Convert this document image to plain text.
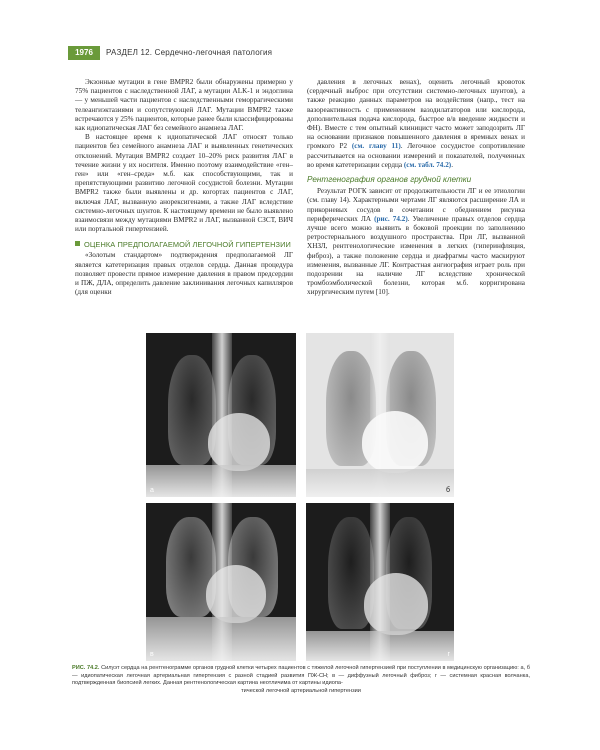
1976	РАЗДЕЛ 12. Сердечно-легочная патология

Экзонные мутации в гене BMPR2 были обнаружены примерно у 75% пациентов с наследственной ЛАГ, а мутации ALK-1 и эндоглина — у меньшей части пациентов с наследственными геморрагическими телеангиэктазиями и сопутствующей ЛАГ. Мутации BMPR2 также встречаются у 25% пациентов, которые ранее были классифицированы как идиопатическая ЛАГ без семейного анамнеза ЛАГ.

В настоящее время к идиопатической ЛАГ относят только пациентов без семейного анамнеза ЛАГ и выявленных генетических отклонений. Мутация BMPR2 создает 10–20% риск развития ЛАГ в течение жизни у их носителя. Именно поэтому взаимодействие «ген–ген» или «ген–среда» м.б. как способствующими, так и препятствующими развитию легочной сосудистой болезни. Мутации BMPR2 также были выявлены и др. когортах пациентов с ЛАГ, включая ЛАГ, вызванную анорексигенами, а также ЛАГ вследствие системно-легочных шунтов. К настоящему времени не было выявлено взаимосвязи между мутациями BMPR2 и ЛАГ, вызванной СЗСТ, ВИЧ или портальной гипертензией.

ОЦЕНКА ПРЕДПОЛАГАЕМОЙ ЛЕГОЧНОЙ ГИПЕРТЕНЗИИ

«Золотым стандартом» подтверждения предполагаемой ЛГ является катетеризация правых отделов сердца. Данная процедура позволяет провести прямое измерение давления в правом предсердии и ПЖ, ДЛА, определить давление заклинивания легочных капилляров (для оценки

давления в легочных венах), оценить легочный кровоток (сердечный выброс при отсутствии системно-легочных шунтов), а также реакцию данных параметров на воздействия (напр., тест на вазореактивность с применением вазодилататоров или кислорода, дополнительная подача кислорода, быстрое в/в введение жидкости и ФН). Вместе с тем опытный клиницист часто может заподозрить ЛГ на основании признаков повышенного давления в яремных венах и громкого P2 (см. главу 11). Легочное сосудистое сопротивление рассчитывается на основании измерений и показателей, полученных во время катетеризации сердца (см. табл. 74.2).

Рентгенография органов грудной клетки

Результат РОГК зависит от продолжительности ЛГ и ее этиологии (см. главу 14). Характерными чертами ЛГ являются расширение ЛА и прикорневых сосудов в сочетании с обеднением рисунка периферических ЛА (рис. 74.2). Увеличение правых отделов сердца лучше всего можно выявить в боковой проекции по заполнению ретростернального воздушного пространства. При ЛГ, вызванной ХНЗЛ, рентгенологические изменения в легких (гиперинфляция, фиброз), а также положение сердца и диафрагмы часто маскируют изменения, вызванные ЛГ. Контрастная ангиография играет роль при подозрении на наличие ЛГ вследствие хронической тромбоэмболической болезни, которая м.б. корригирована хирургическим путем [10].

а	б
в	г
РИС. 74.2. Силуэт сердца на рентгенограмме органов грудной клетки четырех пациентов с тяжелой легочной гипертензией при поступлении в медицинскую организацию: а, б — идиопатическая легочная артериальная гипертензия с разной стадией развития ПЖ-СН; в — диффузный легочный фиброз; г — системная красная волчанка, подтвержденная биопсией легких. Данная рентгенологическая картина неотличима от картины идиопа-
тической легочной артериальной гипертензии
